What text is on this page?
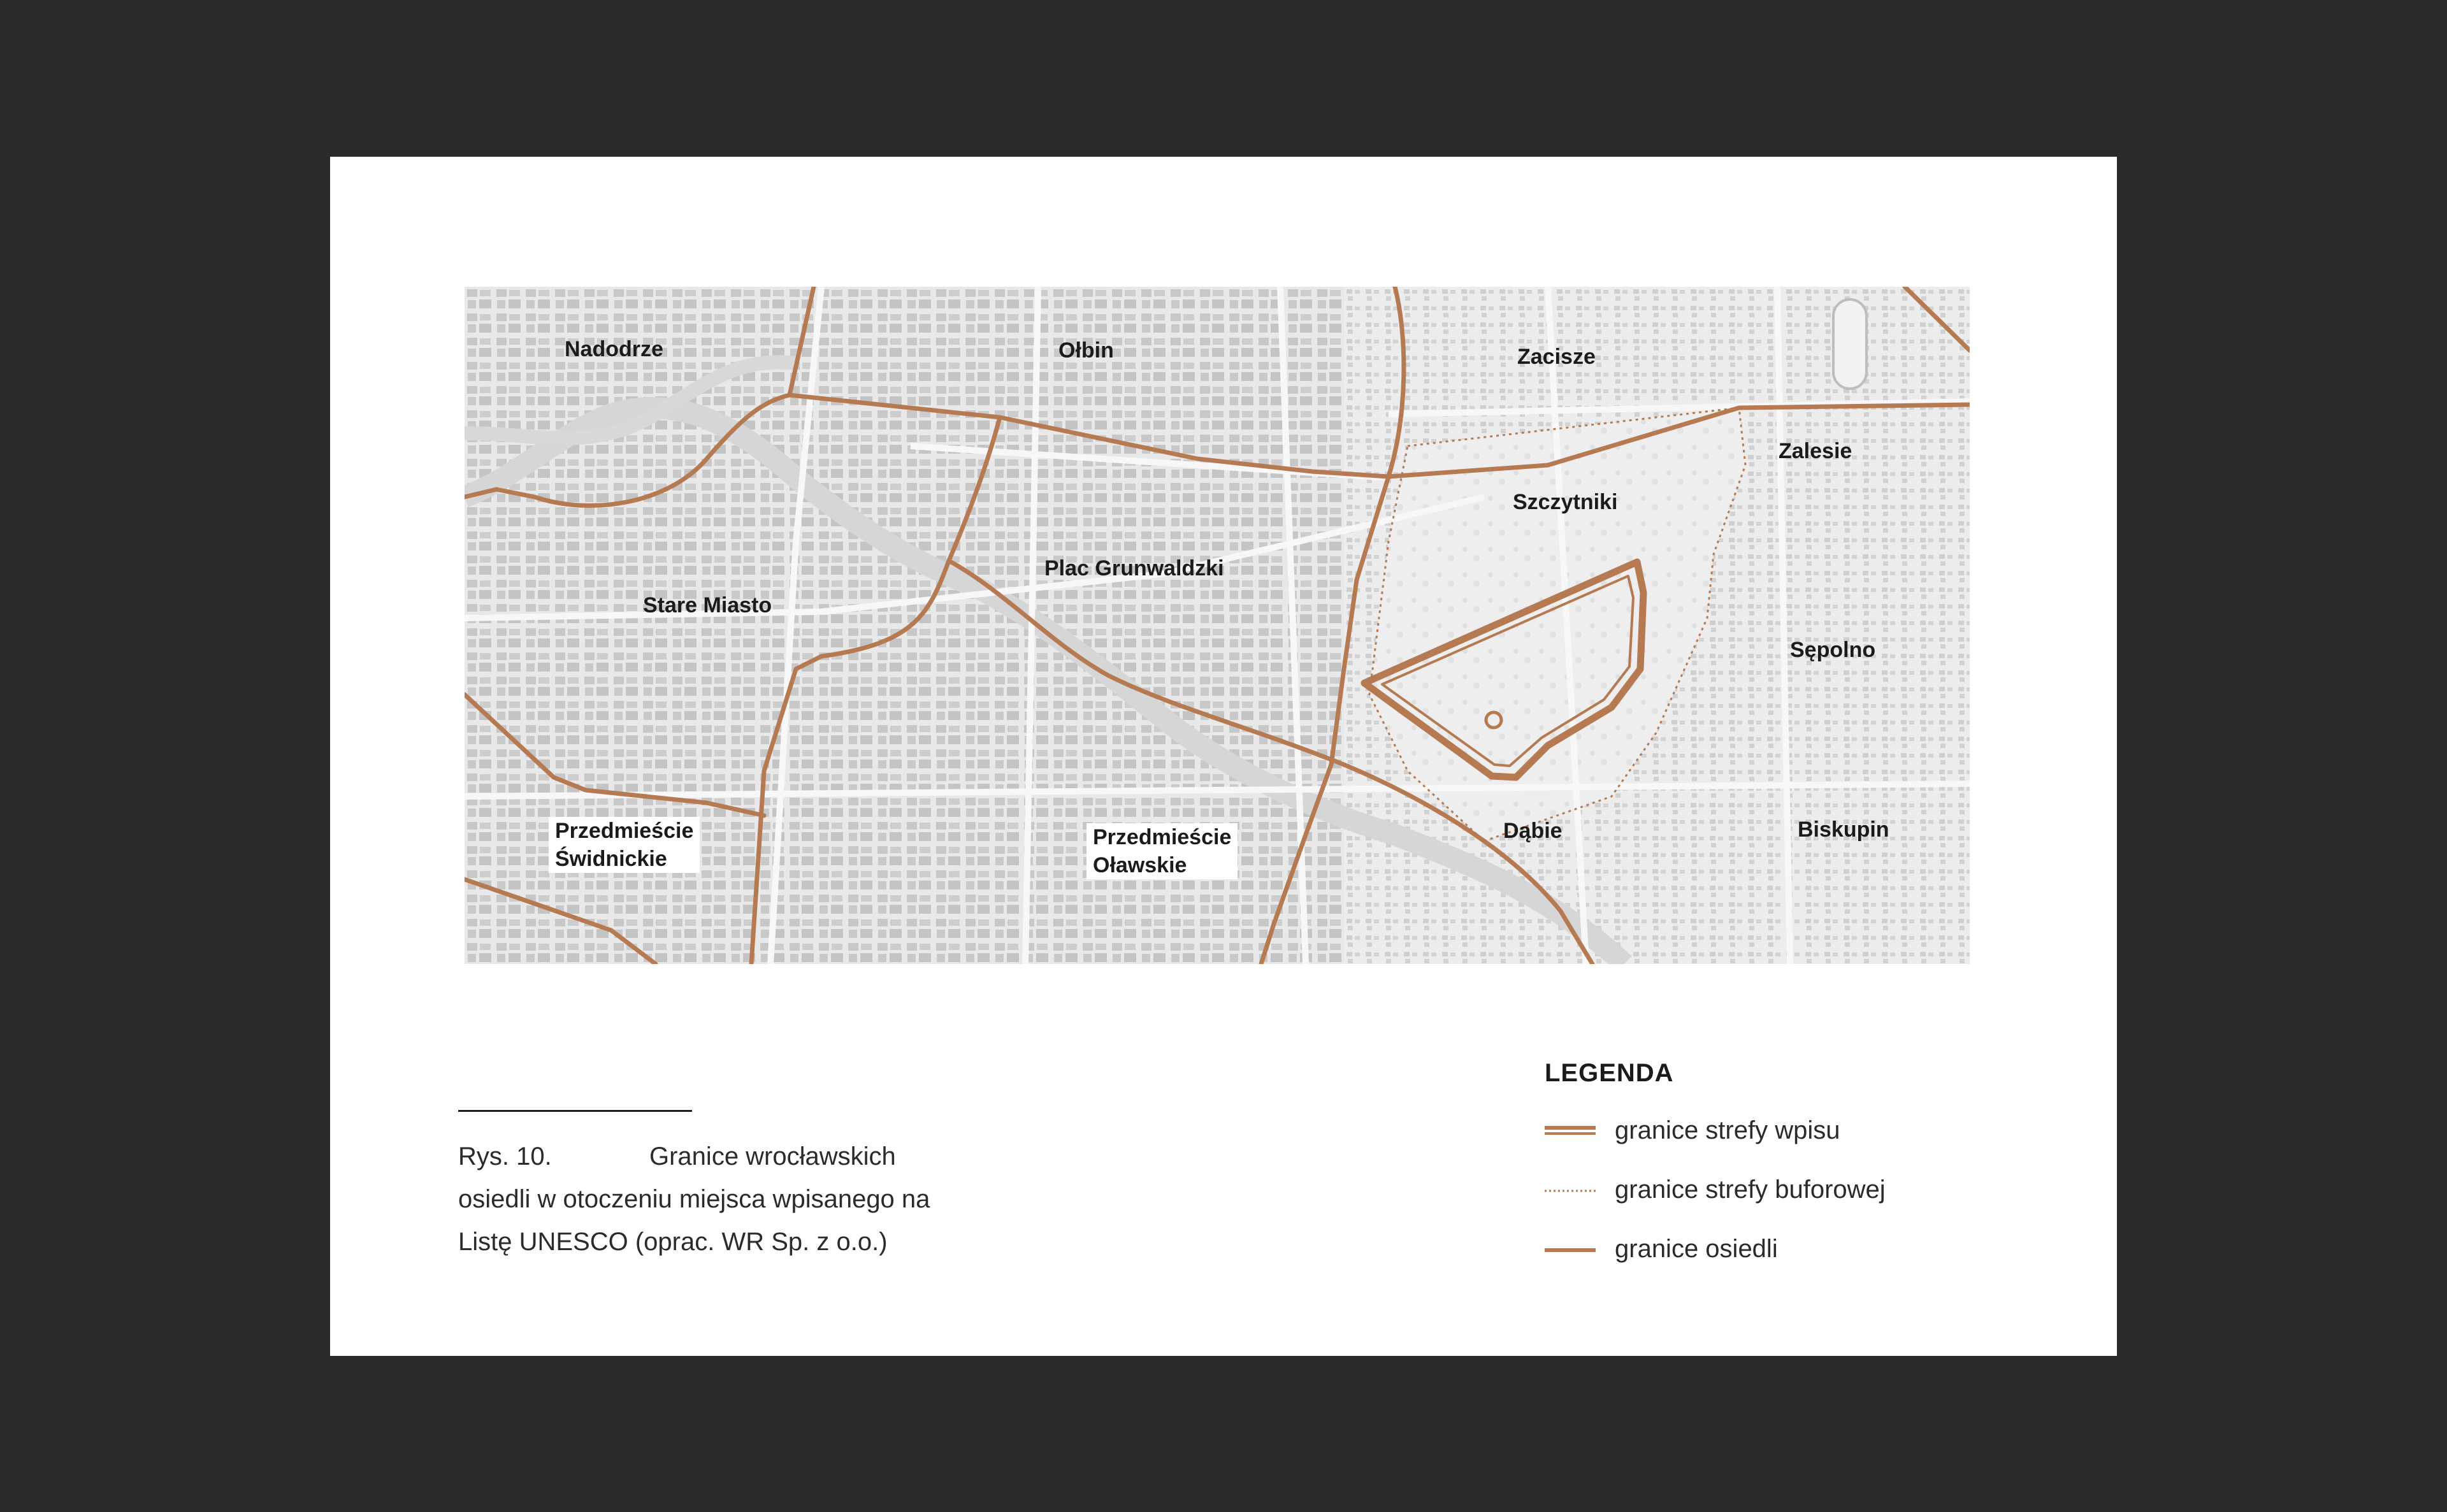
Nadodrze	Ołbin	Zacisze
Zalesie
Szczytniki
Stare Miasto
Plac Grunwaldzki
Sępolno
Przedmieście
Świdnickie
Przedmieście
Oławskie
Dąbie	Biskupin
Rys. 10.	Granice wrocławskich
osiedli w otoczeniu miejsca wpisanego na
Listę UNESCO (oprac. WR Sp. z o.o.)
LEGENDA
granice strefy wpisu
granice strefy buforowej
granice osiedli
